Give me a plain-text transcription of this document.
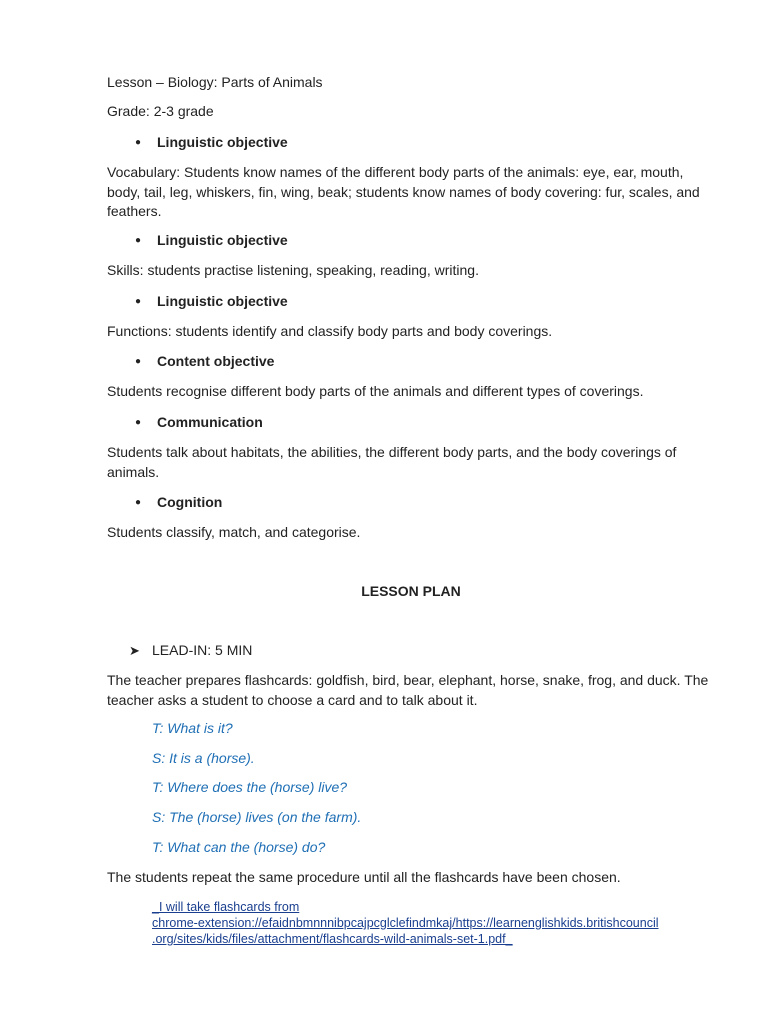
Lesson – Biology: Parts of Animals
Grade: 2-3 grade
● Linguistic objective
Vocabulary: Students know names of the different body parts of the animals: eye, ear, mouth, body, tail, leg, whiskers, fin, wing, beak; students know names of body covering: fur, scales, and feathers.
● Linguistic objective
Skills: students practise listening, speaking, reading, writing.
● Linguistic objective
Functions: students identify and classify body parts and body coverings.
● Content objective
Students recognise different body parts of the animals and different types of coverings.
● Communication
Students talk about habitats, the abilities, the different body parts, and the body coverings of animals.
● Cognition
Students classify, match, and categorise.
LESSON PLAN
➤ LEAD-IN: 5 MIN
The teacher prepares flashcards: goldfish, bird, bear, elephant, horse, snake, frog, and duck. The teacher asks a student to choose a card and to talk about it.
T: What is it?
S: It is a (horse).
T: Where does the (horse) live?
S: The (horse) lives (on the farm).
T: What can the (horse) do?
The students repeat the same procedure until all the flashcards have been chosen.
_I will take flashcards from
chrome-extension://efaidnbmnnnibpcajpcglclefindmkaj/https://learnenglishkids.britishcouncil
.org/sites/kids/files/attachment/flashcards-wild-animals-set-1.pdf_
